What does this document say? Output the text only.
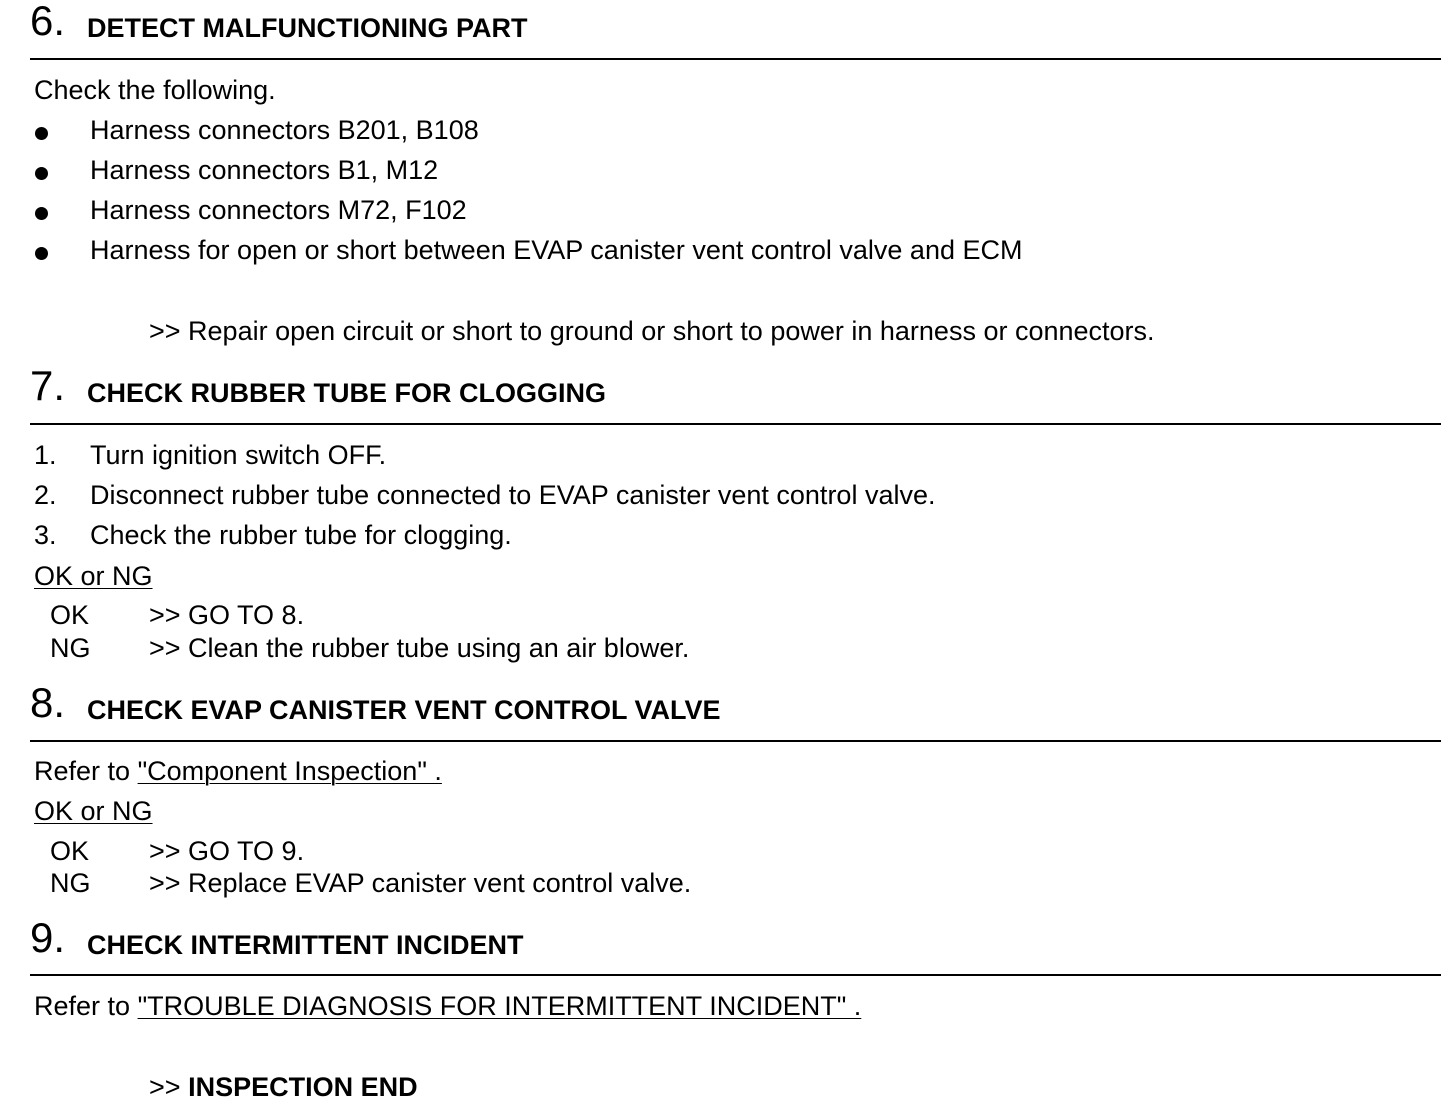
6. DETECT MALFUNCTIONING PART
Check the following.
Harness connectors B201, B108
Harness connectors B1, M12
Harness connectors M72, F102
Harness for open or short between EVAP canister vent control valve and ECM
>> Repair open circuit or short to ground or short to power in harness or connectors.
7. CHECK RUBBER TUBE FOR CLOGGING
1. Turn ignition switch OFF.
2. Disconnect rubber tube connected to EVAP canister vent control valve.
3. Check the rubber tube for clogging.
OK or NG
OK >> GO TO 8.
NG >> Clean the rubber tube using an air blower.
8. CHECK EVAP CANISTER VENT CONTROL VALVE
Refer to "Component Inspection" .
OK or NG
OK >> GO TO 9.
NG >> Replace EVAP canister vent control valve.
9. CHECK INTERMITTENT INCIDENT
Refer to "TROUBLE DIAGNOSIS FOR INTERMITTENT INCIDENT" .
>> INSPECTION END
